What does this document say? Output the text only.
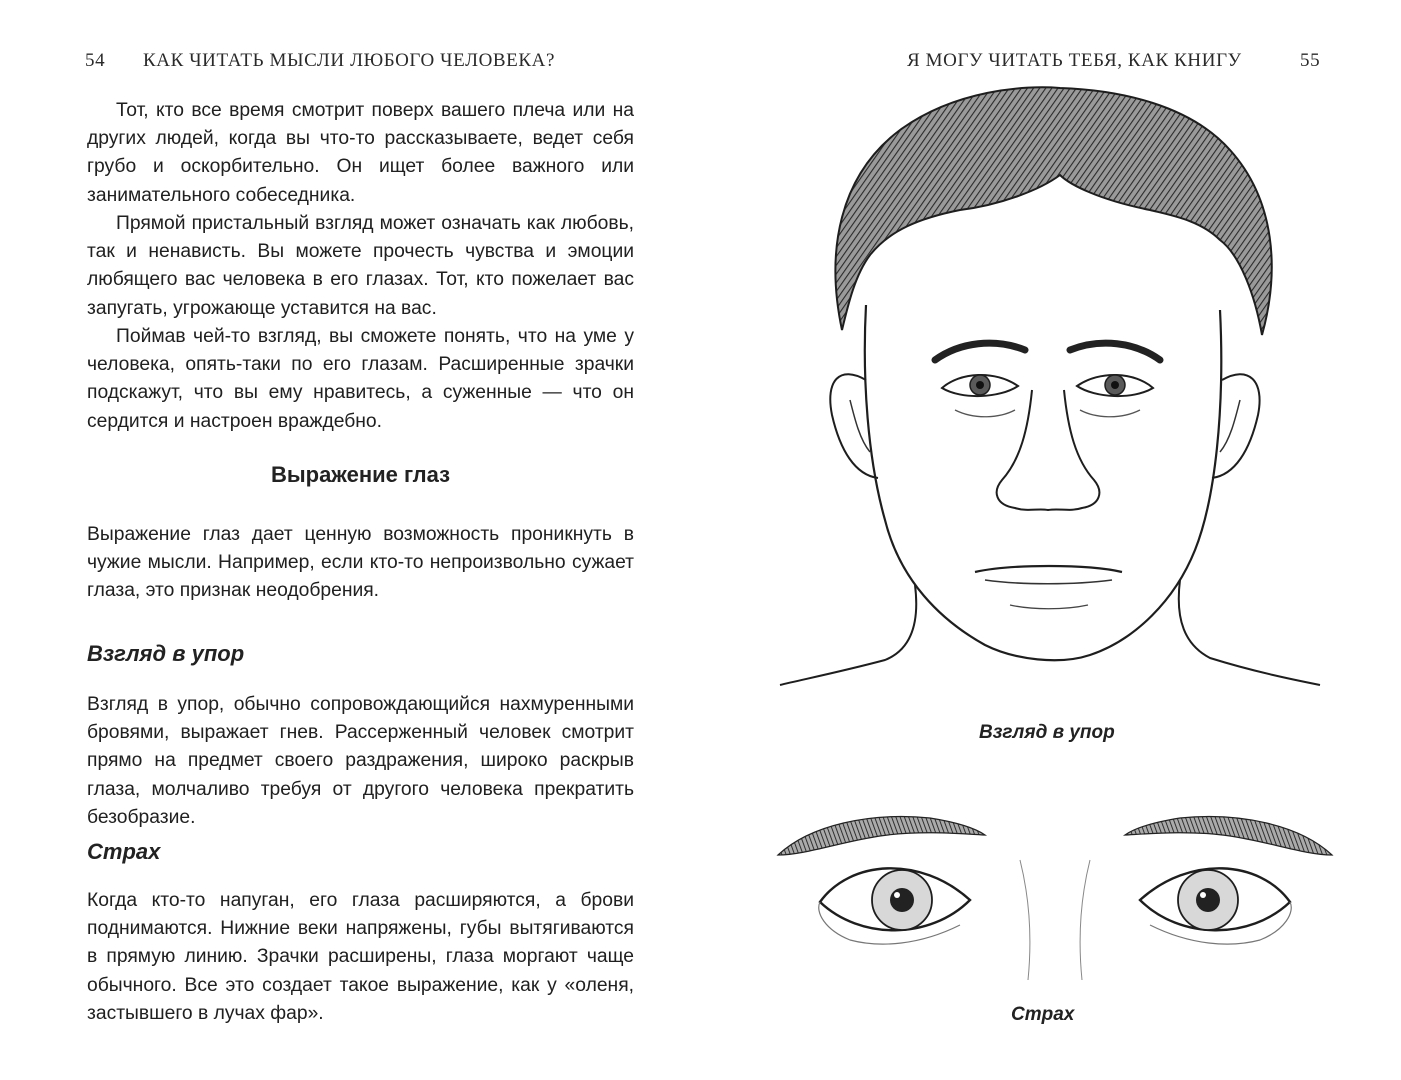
54 КАК ЧИТАТЬ МЫСЛИ ЛЮБОГО ЧЕЛОВЕКА?

Тот, кто все время смотрит поверх вашего плеча или на других людей, когда вы что-то рассказываете, ведет себя грубо и оскорбительно. Он ищет более важного или занимательного собеседника.

Прямой пристальный взгляд может означать как любовь, так и ненависть. Вы можете прочесть чувства и эмоции любящего вас человека в его глазах. Тот, кто пожелает вас запугать, угрожающе уставится на вас.

Поймав чей-то взгляд, вы сможете понять, что на уме у человека, опять-таки по его глазам. Расширенные зрачки подскажут, что вы ему нравитесь, а суженные — что он сердится и настроен враждебно.

Выражение глаз

Выражение глаз дает ценную возможность проникнуть в чужие мысли. Например, если кто-то непроизвольно сужает глаза, это признак неодобрения.

Взгляд в упор

Взгляд в упор, обычно сопровождающийся нахмуренными бровями, выражает гнев. Рассерженный человек смотрит прямо на предмет своего раздражения, широко раскрыв глаза, молчаливо требуя от другого человека прекратить безобразие.

Страх

Когда кто-то напуган, его глаза расширяются, а брови поднимаются. Нижние веки напряжены, губы вытягиваются в прямую линию. Зрачки расширены, глаза моргают чаще обычного. Все это создает такое выражение, как у «оленя, застывшего в лучах фар».

Я МОГУ ЧИТАТЬ ТЕБЯ, КАК КНИГУ	55
Взгляд в упор
Страх
